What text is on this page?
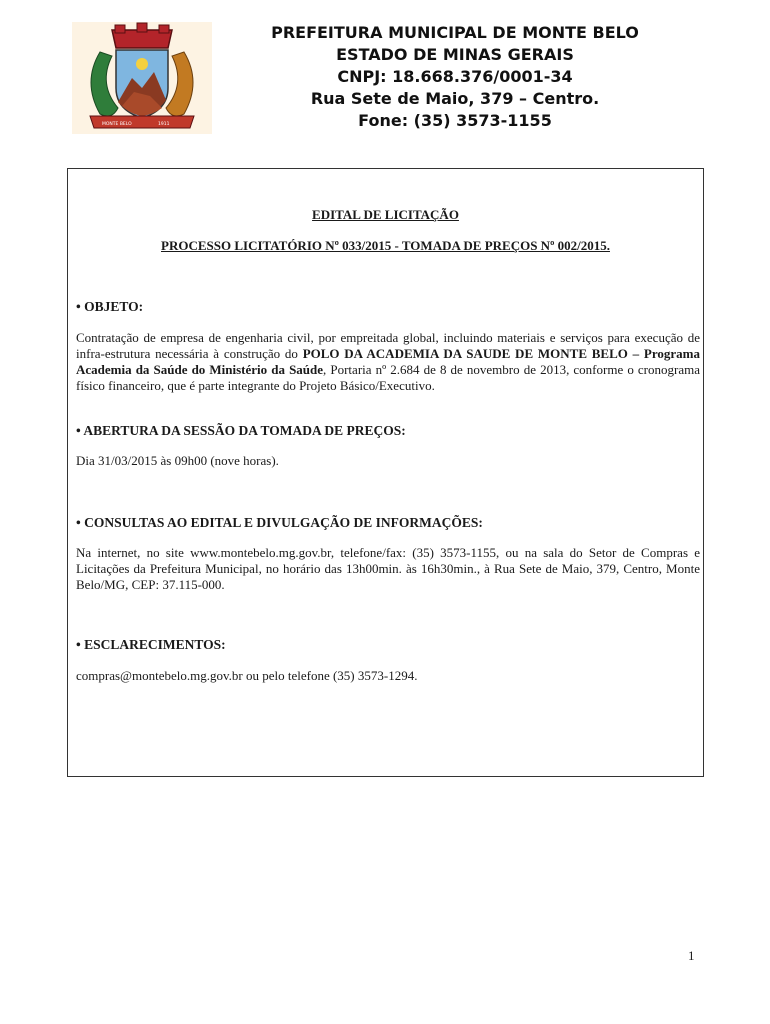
MONTE BELO	1911
PREFEITURA MUNICIPAL DE MONTE BELO
ESTADO DE MINAS GERAIS
CNPJ: 18.668.376/0001-34
Rua Sete de Maio, 379 – Centro.
Fone: (35) 3573-1155
EDITAL DE LICITAÇÃO
PROCESSO LICITATÓRIO Nº 033/2015 - TOMADA DE PREÇOS Nº 002/2015.
• OBJETO:
Contratação de empresa de engenharia civil, por empreitada global, incluindo materiais e serviços para execução de infra-estrutura necessária à construção do POLO DA ACADEMIA DA SAUDE DE MONTE BELO – Programa Academia da Saúde do Ministério da Saúde, Portaria nº 2.684 de 8 de novembro de 2013, conforme o cronograma físico financeiro, que é parte integrante do Projeto Básico/Executivo.
• ABERTURA DA SESSÃO DA TOMADA DE PREÇOS:
Dia 31/03/2015 às 09h00 (nove horas).
• CONSULTAS AO EDITAL E DIVULGAÇÃO DE INFORMAÇÕES:
Na internet, no site www.montebelo.mg.gov.br, telefone/fax: (35) 3573-1155, ou na sala do Setor de Compras e Licitações da Prefeitura Municipal, no horário das 13h00min. às 16h30min., à Rua Sete de Maio, 379, Centro, Monte Belo/MG, CEP: 37.115-000.
• ESCLARECIMENTOS:
compras@montebelo.mg.gov.br ou pelo telefone (35) 3573-1294.
1
